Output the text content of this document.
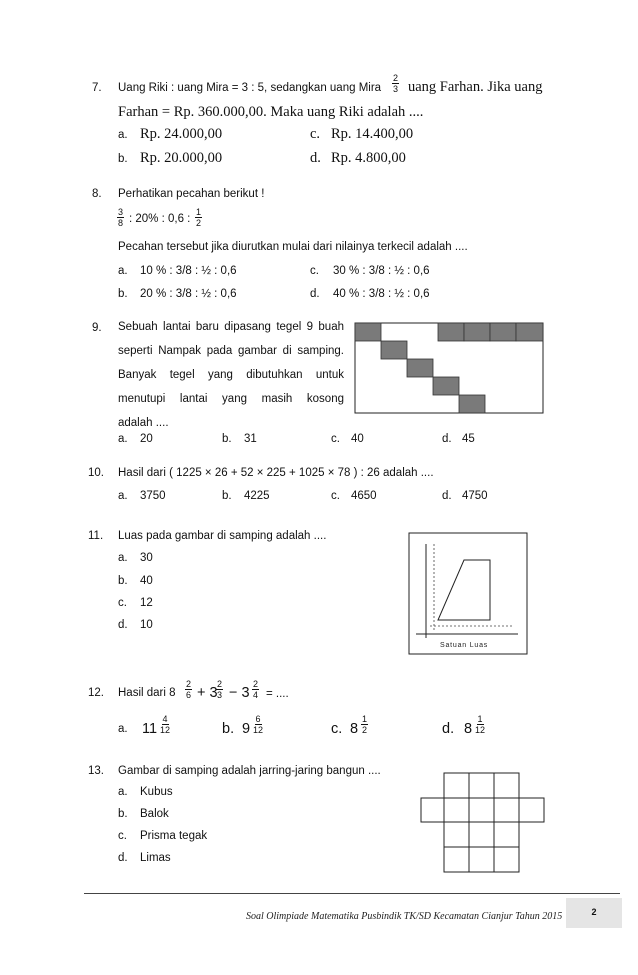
7. Uang Riki : uang Mira = 3 : 5, sedangkan uang Mira $\frac{2}{3}$ uang Farhan. Jika uang
Farhan = Rp. 360.000,00. Maka uang Riki adalah ....
a. Rp. 24.000,00
b. Rp. 20.000,00
c. Rp. 14.400,00
d. Rp. 4.800,00
8. Perhatikan pecahan berikut !
$\frac{3}{8}$ : 20% : 0,6 : $\frac{1}{2}$
Pecahan tersebut jika diurutkan mulai dari nilainya terkecil adalah ....
a. 10 % : 3/8 : ½ : 0,6
b. 20 % : 3/8 : ½ : 0,6
c. 30 % : 3/8 : ½ : 0,6
d. 40 % : 3/8 : ½ : 0,6
9. Sebuah lantai baru dipasang tegel 9 buah
seperti Nampak pada gambar di samping.
Banyak tegel yang dibutuhkan untuk
menutupi lantai yang masih kosong
adalah ....
a. 20	b. 31	c. 40	d. 45
10. Hasil dari ( 1225 × 26 + 52 × 225 + 1025 × 78 ) : 26 adalah ....
a. 3750	b. 4225	c. 4650	d. 4750
11. Luas pada gambar di samping adalah ....
a. 30
b. 40
c. 12
d. 10
Satuan Luas
12. Hasil dari $8 \frac{2}{6} + 3$
$\frac{2}{3} - 3 \frac{2}{4}$ = ....
a. $11 \frac{4}{12}$	b. $9 \frac{6}{12}$	c. $8 \frac{1}{2}$	d. $8 \frac{1}{12}$
13. Gambar di samping adalah jarring-jaring bangun ....
a. Kubus
b. Balok
c. Prisma tegak
d. Limas
Soal Olimpiade Matematika Pusbindik TK/SD Kecamatan Cianjur Tahun 2015	2
